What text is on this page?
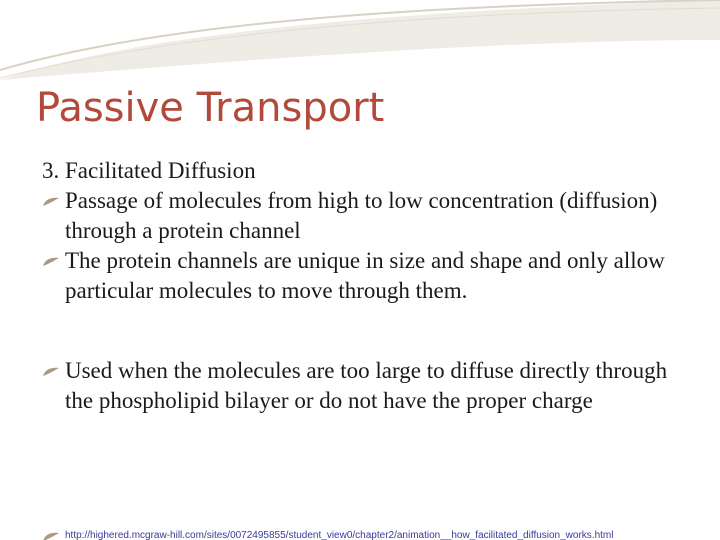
Passive Transport

3. Facilitated Diffusion

Passage of molecules from high to low concentration (diffusion) through a protein channel
The protein channels are unique in size and shape and only allow particular molecules to move through them.
Used when the molecules are too large to diffuse directly through the phospholipid bilayer or do not have the proper charge
http://highered.mcgraw-hill.com/sites/0072495855/student_view0/chapter2/animation__how_facilitated_diffusion_works.html
